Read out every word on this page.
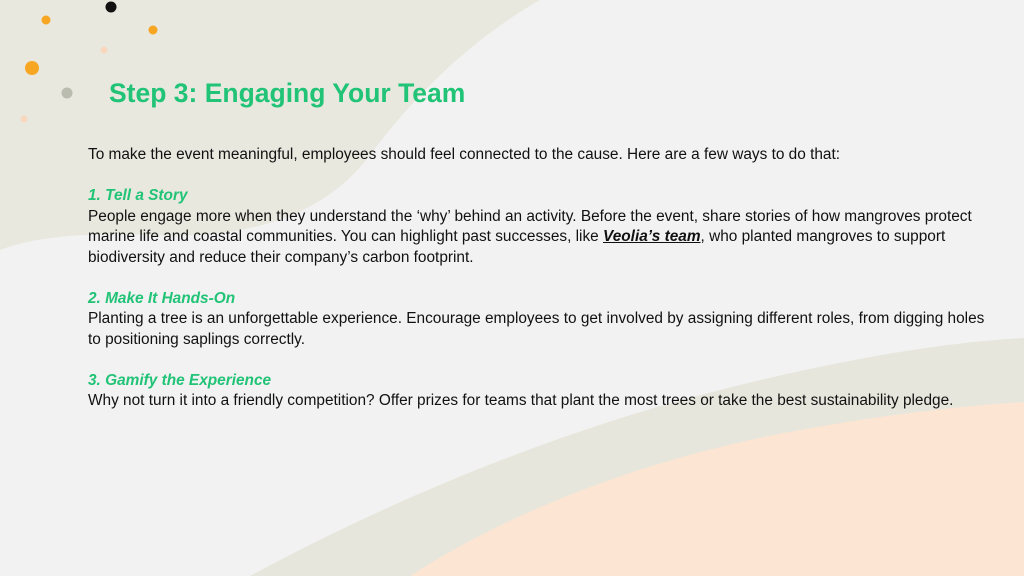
Step 3: Engaging Your Team

To make the event meaningful, employees should feel connected to the cause. Here are a few ways to do that:

1. Tell a Story

People engage more when they understand the ‘why’ behind an activity. Before the event, share stories of how mangroves protect marine life and coastal communities. You can highlight past successes, like Veolia’s team, who planted mangroves to support biodiversity and reduce their company’s carbon footprint.

2. Make It Hands-On

Planting a tree is an unforgettable experience. Encourage employees to get involved by assigning different roles, from digging holes to positioning saplings correctly.

3. Gamify the Experience

Why not turn it into a friendly competition? Offer prizes for teams that plant the most trees or take the best sustainability pledge.
